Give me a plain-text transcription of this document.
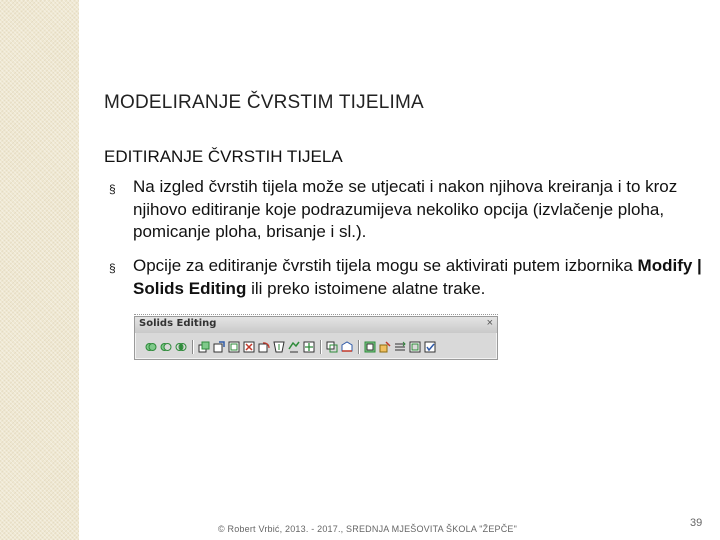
MODELIRANJE ČVRSTIM TIJELIMA
EDITIRANJE ČVRSTIH TIJELA
§ Na izgled čvrstih tijela može se utjecati i nakon njihova kreiranja i to kroz njihovo editiranje koje podrazumijeva nekoliko opcija (izvlačenje ploha, pomicanje ploha, brisanje i sl.).
§ Opcije za editiranje čvrstih tijela mogu se aktivirati putem izbornika Modify | Solids Editing ili preko istoimene alatne trake.
Solids Editing	×
© Robert Vrbić, 2013. - 2017., SREDNJA MJEŠOVITA ŠKOLA "ŽEPČE"	39
